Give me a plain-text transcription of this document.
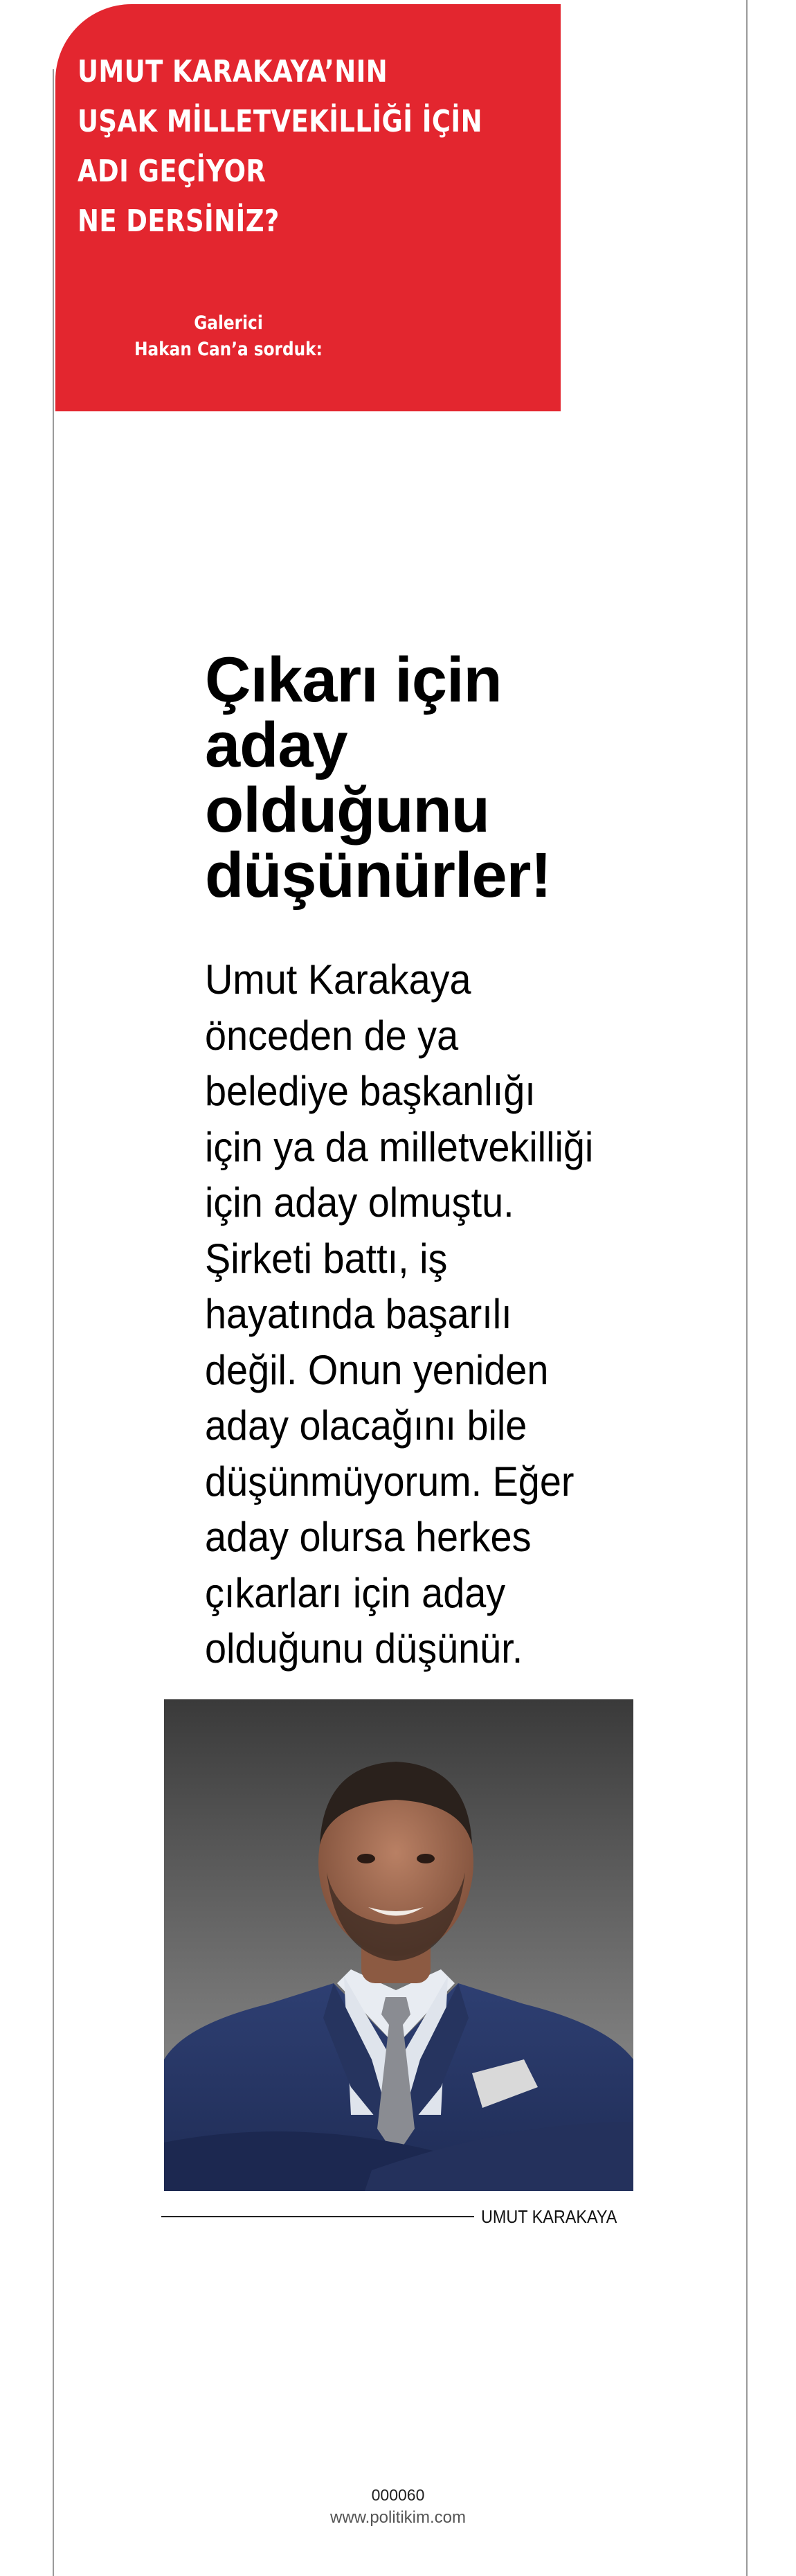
UMUT KARAKAYA’NIN
UŞAK MİLLETVEKİLLİĞİ İÇİN
ADI GEÇİYOR
NE DERSİNİZ?
Galerici
Hakan Can’a sorduk:
Çıkarı için
aday
olduğunu
düşünürler!

Umut Karakaya
önceden de ya
belediye başkanlığı
için ya da milletvekilliği
için aday olmuştu.
Şirketi battı, iş
hayatında başarılı
değil. Onun yeniden
aday olacağını bile
düşünmüyorum. Eğer
aday olursa herkes
çıkarları için aday
olduğunu düşünür.

UMUT KARAKAYA
000060
www.politikim.com
